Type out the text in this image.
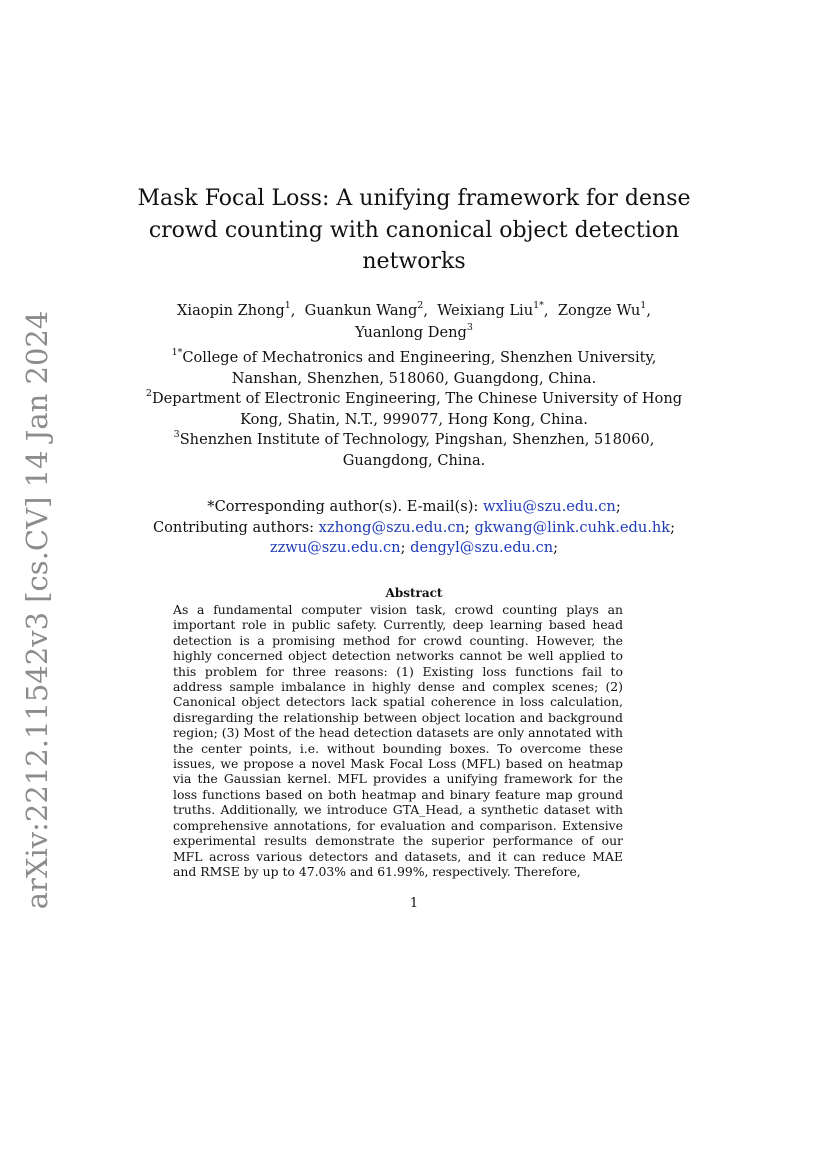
arXiv:2212.11542v3 [cs.CV] 14 Jan 2024
Mask Focal Loss: A unifying framework for dense
crowd counting with canonical object detection
networks
Xiaopin Zhong$^1$,  Guankun Wang$^2$,  Weixiang Liu$^{1*}$,  Zongze Wu$^1$,
Yuanlong Deng$^3$
$^{1*}$College of Mechatronics and Engineering, Shenzhen University,
Nanshan, Shenzhen, 518060, Guangdong, China.
$^2$Department of Electronic Engineering, The Chinese University of Hong
Kong, Shatin, N.T., 999077, Hong Kong, China.
$^3$Shenzhen Institute of Technology, Pingshan, Shenzhen, 518060,
Guangdong, China.
*Corresponding author(s). E-mail(s): wxliu@szu.edu.cn;
Contributing authors: xzhong@szu.edu.cn; gkwang@link.cuhk.edu.hk;
zzwu@szu.edu.cn; dengyl@szu.edu.cn;
Abstract
As a fundamental computer vision task, crowd counting plays an important role in public safety. Currently, deep learning based head detection is a promising method for crowd counting. However, the highly concerned object detection networks cannot be well applied to this problem for three reasons: (1) Existing loss functions fail to address sample imbalance in highly dense and complex scenes; (2) Canonical object detectors lack spatial coherence in loss calculation, disregarding the relationship between object location and background region; (3) Most of the head detection datasets are only annotated with the center points, i.e. without bounding boxes. To overcome these issues, we propose a novel Mask Focal Loss (MFL) based on heatmap via the Gaussian kernel. MFL provides a unifying framework for the loss functions based on both heatmap and binary feature map ground truths. Additionally, we introduce GTA_Head, a synthetic dataset with comprehensive annotations, for evaluation and comparison. Extensive experimental results demonstrate the superior performance of our MFL across various detectors and datasets, and it can reduce MAE and RMSE by up to 47.03% and 61.99%, respectively. Therefore,
1
